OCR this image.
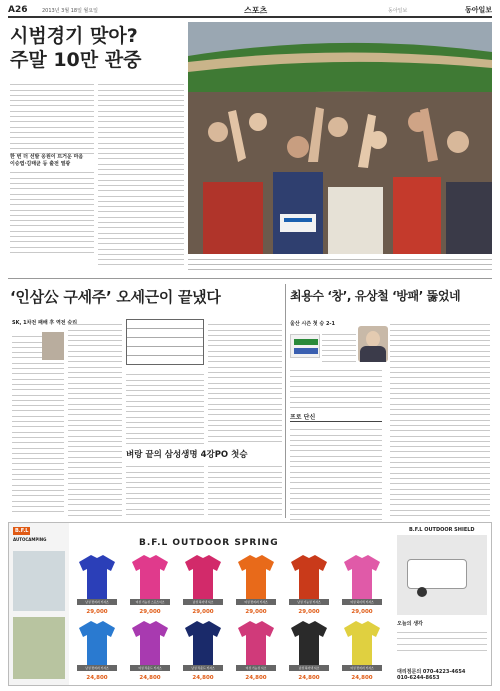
A26	2013년 3월 18일 월요일	스포츠	동아일보	동아일보
시범경기 맞아?
주말 10만 관중
한 번 더 선발 응원이 뜨거운 마음
이승엽·김태균 등 출전 열광
‘인삼公 구세주’ 오세근이 끝냈다
SK, 1차전 패배 후 역전 승리
벼랑 끝의 삼성생명 4강PO 첫승
최용수 ‘창’, 유상철 ‘방패’ 뚫었네
울산 시즌 첫 승 2-1
프로 단신
B.F.L
AUTOCAMPING	B.F.L OUTDOOR SPRING
남성 반지퍼 티셔츠
29,000
여성 기능성 스포츠셔츠
29,000
남성 하이넥 셔츠
29,000
여성 반지퍼 티셔츠
29,000
남성 기능성 티셔츠
29,000
여성 하이넥 티셔츠
29,000
남성 반지퍼 티셔츠
24,800
여성 라운드 티셔츠
24,800
남성 라운드 티셔츠
24,800
여성 기능성 셔츠
24,800
남성 하이넥 셔츠
24,800
여성 반지퍼 티셔츠
24,800
B.F.L OUTDOOR SHIELD
오늘의 생각
대리점문의 070-4223-4654
010-6244-8653
